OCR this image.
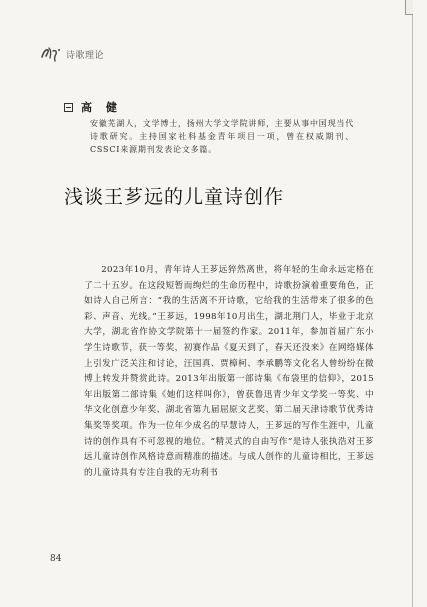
诗歌理论
高 健
安徽芜湖人，文学博士，扬州大学文学院讲师，主要从事中国现当代诗歌研究。主持国家社科基金青年项目一项，曾在权威期刊、CSSCI来源期刊发表论文多篇。
浅谈王芗远的儿童诗创作
2023年10月，青年诗人王芗远猝然离世，将年轻的生命永远定格在了二十五岁。在这段短暂而绚烂的生命历程中，诗歌扮演着重要角色，正如诗人自己所言：“我的生活离不开诗歌，它给我的生活带来了很多的色彩、声音、光线。”王芗远，1998年10月出生，湖北荆门人，毕业于北京大学，湖北省作协文学院第十一届签约作家。2011年，参加首届广东小学生诗歌节，获一等奖，初赛作品《夏天到了，春天还没来》在网络媒体上引发广泛关注和讨论，汪国真、贾樟柯、李承鹏等文化名人曾纷纷在微博上转发并赞赏此诗。2013年出版第一部诗集《布袋里的信仰》，2015年出版第二部诗集《她们这样叫你》，曾获鲁迅青少年文学奖一等奖、中华文化创意少年奖、湖北省第九届屈原文艺奖、第二届天津诗歌节优秀诗集奖等奖项。作为一位年少成名的早慧诗人，王芗远的写作生涯中，儿童诗的创作具有不可忽视的地位。“精灵式的自由写作”是诗人张执浩对王芗远儿童诗创作风格诗意而精准的描述。与成人创作的儿童诗相比，王芗远的儿童诗具有专注自我的无功利书
84
